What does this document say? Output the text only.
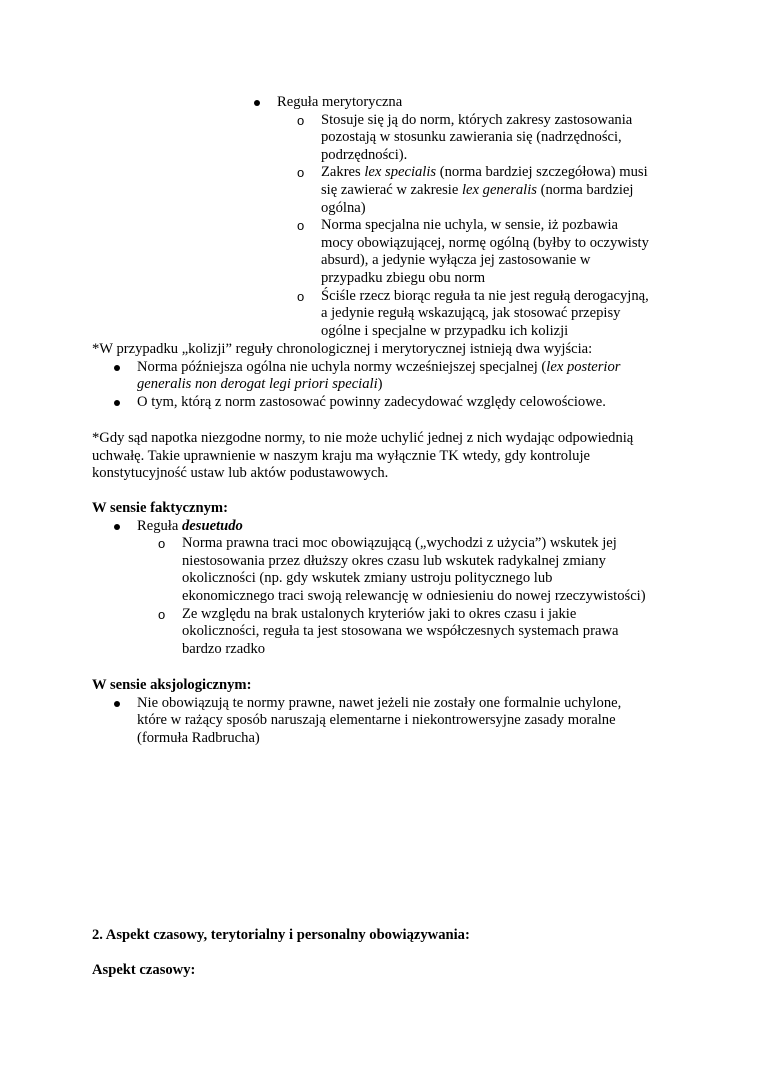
Reguła merytoryczna
o Stosuje się ją do norm, których zakresy zastosowania
pozostają w stosunku zawierania się (nadrzędności,
podrzędności).
o Zakres lex specialis (norma bardziej szczegółowa) musi
się zawierać w zakresie lex generalis (norma bardziej
ogólna)
o Norma specjalna nie uchyla, w sensie, iż pozbawia
mocy obowiązującej, normę ogólną (byłby to oczywisty
absurd), a jedynie wyłącza jej zastosowanie w
przypadku zbiegu obu norm
o Ściśle rzecz biorąc reguła ta nie jest regułą derogacyjną,
a jedynie regułą wskazującą, jak stosować przepisy
ogólne i specjalne w przypadku ich kolizji
*W przypadku „kolizji” reguły chronologicznej i merytorycznej istnieją dwa wyjścia:
Norma późniejsza ogólna nie uchyla normy wcześniejszej specjalnej (lex posterior
generalis non derogat legi priori speciali)
O tym, którą z norm zastosować powinny zadecydować względy celowościowe.
*Gdy sąd napotka niezgodne normy, to nie może uchylić jednej z nich wydając odpowiednią
uchwałę. Takie uprawnienie w naszym kraju ma wyłącznie TK wtedy, gdy kontroluje
konstytucyjność ustaw lub aktów podustawowych.
W sensie faktycznym:
Reguła desuetudo
o Norma prawna traci moc obowiązującą („wychodzi z użycia”) wskutek jej
niestosowania przez dłuższy okres czasu lub wskutek radykalnej zmiany
okoliczności (np. gdy wskutek zmiany ustroju politycznego lub
ekonomicznego traci swoją relewancję w odniesieniu do nowej rzeczywistości)
o Ze względu na brak ustalonych kryteriów jaki to okres czasu i jakie
okoliczności, reguła ta jest stosowana we współczesnych systemach prawa
bardzo rzadko
W sensie aksjologicznym:
Nie obowiązują te normy prawne, nawet jeżeli nie zostały one formalnie uchylone,
które w rażący sposób naruszają elementarne i niekontrowersyjne zasady moralne
(formuła Radbrucha)
2. Aspekt czasowy, terytorialny i personalny obowiązywania:
Aspekt czasowy:
